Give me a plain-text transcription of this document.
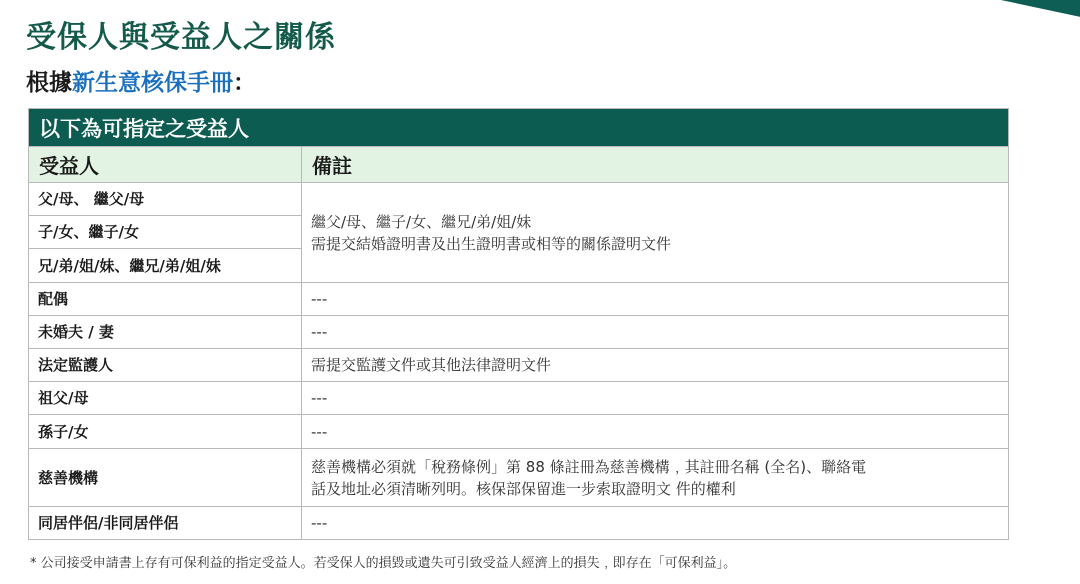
受保人與受益人之關係

根據新生意核保手冊：

以下為可指定之受益人	
受益人	備註
父/母、 繼父/母	繼父/母、繼子/女、繼兄/弟/姐/妹
需提交結婚證明書及出生證明書或相等的關係證明文件

子/女、繼子/女	
兄/弟/姐/妹、繼兄/弟/姐/妹	
配偶	---
未婚夫 / 妻	---
法定監護人	需提交監護文件或其他法律證明文件
祖父/母	---
孫子/女	---
慈善機構	慈善機構必須就「稅務條例」第 88 條註冊為慈善機構﹐其註冊名稱 (全名)、聯絡電
話及地址必須清晰列明。核保部保留進一步索取證明文 件的權利

同居伴侶/非同居伴侶	---

* 公司接受申請書上存有可保利益的指定受益人。若受保人的損毀或遺失可引致受益人經濟上的損失﹐即存在「可保利益」。
